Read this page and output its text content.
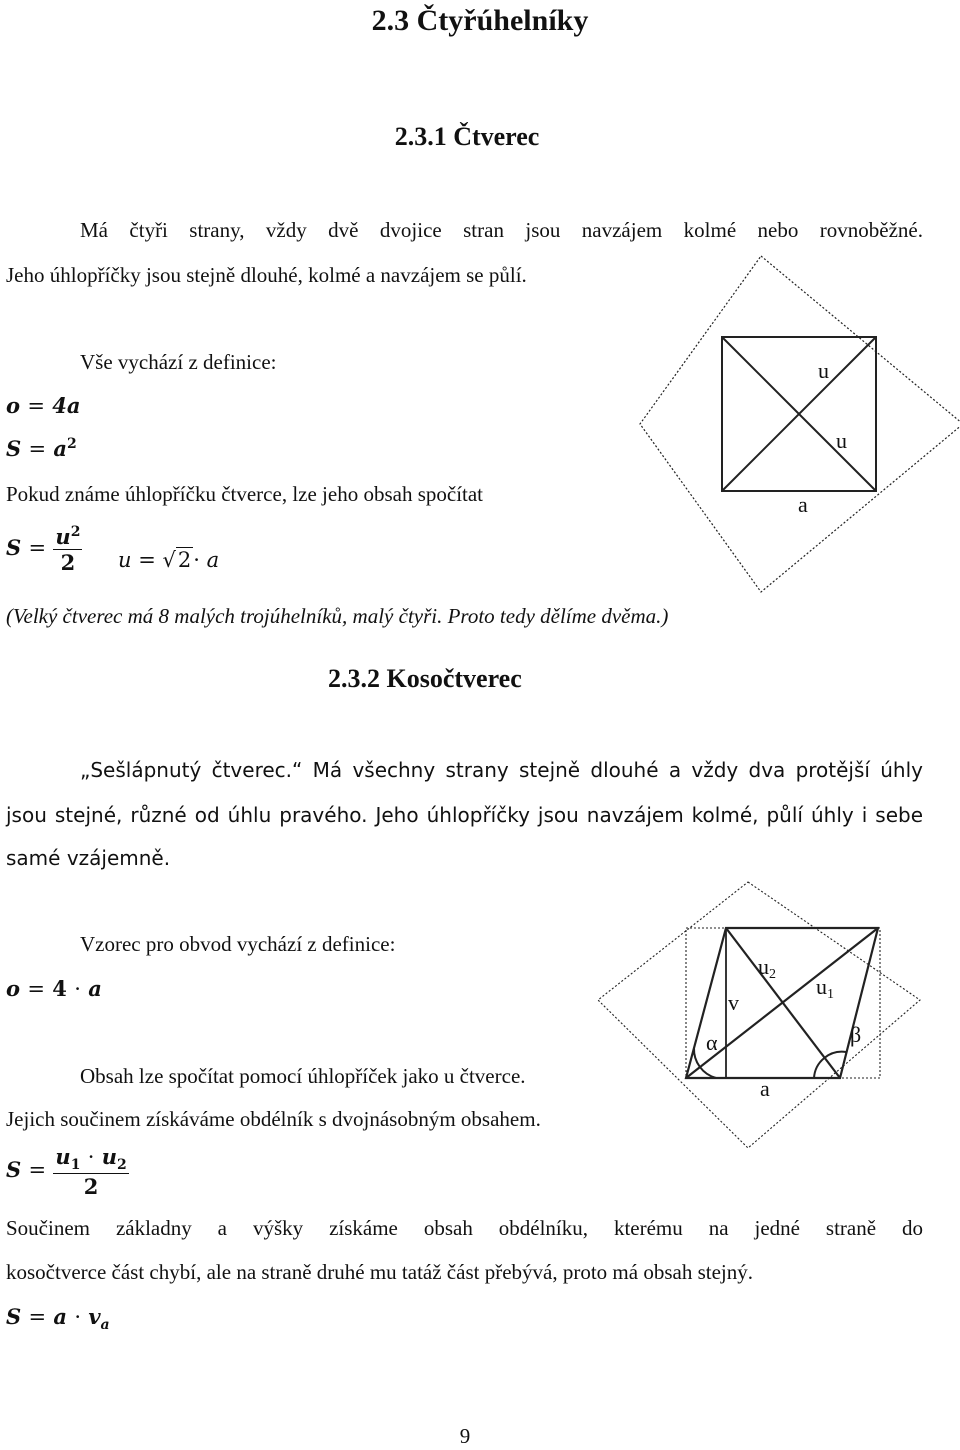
2.3 Čtyřúhelníky
2.3.1 Čtverec
Má čtyři strany, vždy dvě dvojice stran jsou navzájem kolmé nebo rovnoběžné.
Jeho úhlopříčky jsou stejně dlouhé, kolmé a navzájem se půlí.
Vše vychází z definice:
o = 4a
$S = a^2$
Pokud známe úhlopříčku čtverce, lze jeho obsah spočítat
$S = \frac{u^2}{2}$ u = √2· a
(Velký čtverec má 8 malých trojúhelníků, malý čtyři. Proto tedy dělíme dvěma.)
2.3.2 Kosočtverec
„Sešlápnutý čtverec.“ Má všechny strany stejně dlouhé a vždy dva protější úhly
jsou stejné, různé od úhlu pravého. Jeho úhlopříčky jsou navzájem kolmé, půlí úhly i sebe
samé vzájemně.
Vzorec pro obvod vychází z definice:
o = 4 · a
Obsah lze spočítat pomocí úhlopříček jako u čtverce.
Jejich součinem získáváme obdélník s dvojnásobným obsahem.
$S = \frac{u_1 \cdot u_2}{2}$
Součinem základny a výšky získáme obsah obdélníku, kterému na jedné straně do
kosočtverce část chybí, ale na straně druhé mu tatáž část přebývá, proto má obsah stejný.
$S = a \cdot v_a$
9
u
u
a
u2 u1
v
α	β
a
